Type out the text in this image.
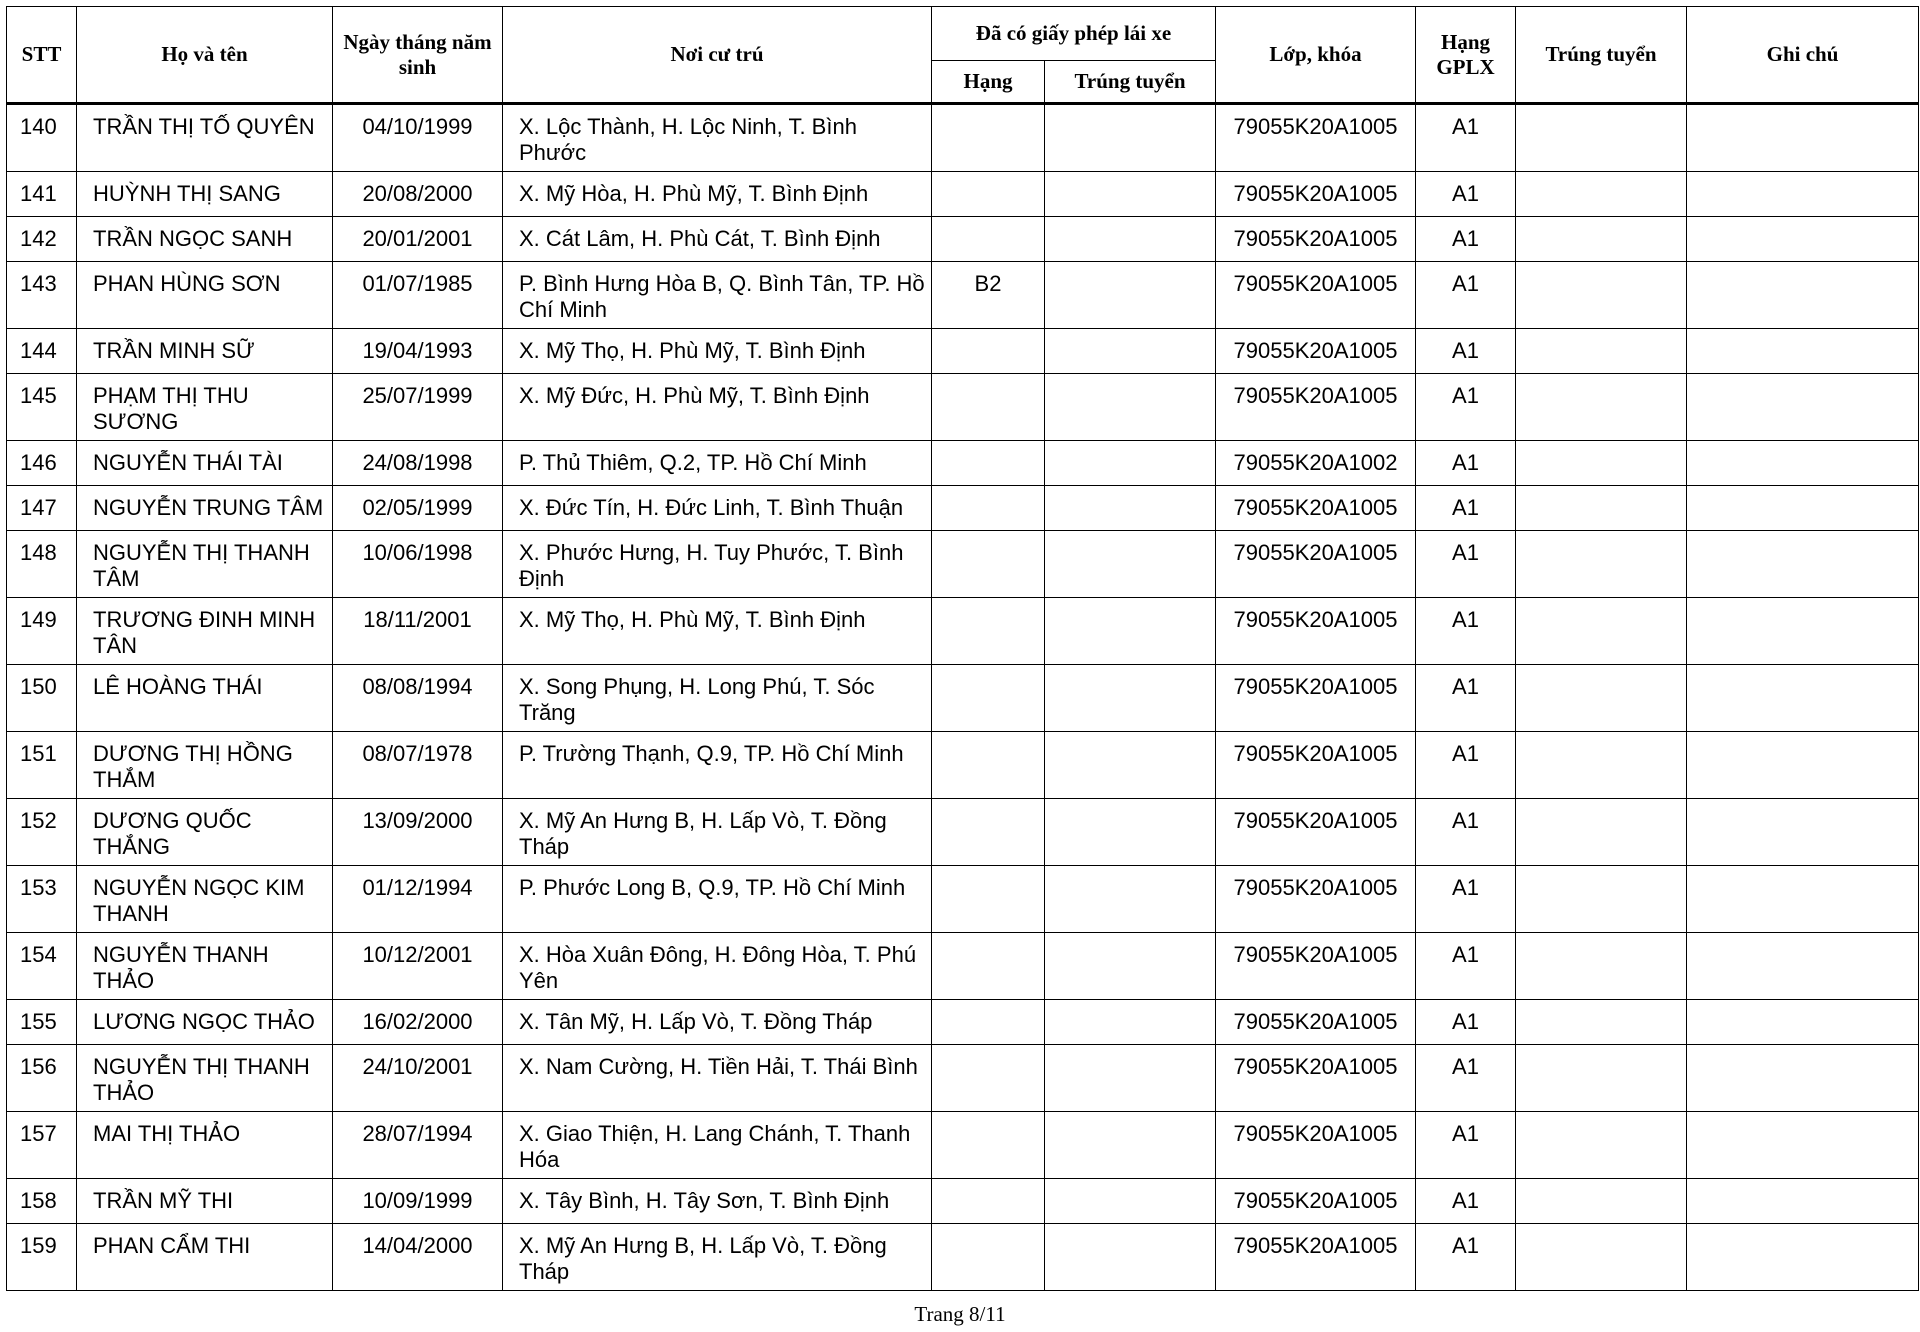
STT	Họ và tên	Ngày tháng năm sinh	Nơi cư trú	Đã có giấy phép lái xe		Lớp, khóa	Hạng GPLX	Trúng tuyển	Ghi chú
				Hạng	Trúng tuyển				
140	TRẦN THỊ TỐ QUYÊN	04/10/1999	X. Lộc Thành, H. Lộc Ninh, T. Bình Phước			79055K20A1005	A1		
141	HUỲNH THỊ SANG	20/08/2000	X. Mỹ Hòa, H. Phù Mỹ, T. Bình Định			79055K20A1005	A1		
142	TRẦN NGỌC SANH	20/01/2001	X. Cát Lâm, H. Phù Cát, T. Bình Định			79055K20A1005	A1		
143	PHAN HÙNG SƠN	01/07/1985	P. Bình Hưng Hòa B, Q. Bình Tân, TP. Hồ Chí Minh	B2		79055K20A1005	A1		
144	TRẦN MINH SỮ	19/04/1993	X. Mỹ Thọ, H. Phù Mỹ, T. Bình Định			79055K20A1005	A1		
145	PHẠM THỊ THU SƯƠNG	25/07/1999	X. Mỹ Đức, H. Phù Mỹ, T. Bình Định			79055K20A1005	A1		
146	NGUYỄN THÁI TÀI	24/08/1998	P. Thủ Thiêm, Q.2, TP. Hồ Chí Minh			79055K20A1002	A1		
147	NGUYỄN TRUNG TÂM	02/05/1999	X. Đức Tín, H. Đức Linh, T. Bình Thuận			79055K20A1005	A1		
148	NGUYỄN THỊ THANH TÂM	10/06/1998	X. Phước Hưng, H. Tuy Phước, T. Bình Định			79055K20A1005	A1		
149	TRƯƠNG ĐINH MINH TÂN	18/11/2001	X. Mỹ Thọ, H. Phù Mỹ, T. Bình Định			79055K20A1005	A1		
150	LÊ HOÀNG THÁI	08/08/1994	X. Song Phụng, H. Long Phú, T. Sóc Trăng			79055K20A1005	A1		
151	DƯƠNG THỊ HỒNG THẮM	08/07/1978	P. Trường Thạnh, Q.9, TP. Hồ Chí Minh			79055K20A1005	A1		
152	DƯƠNG QUỐC THẮNG	13/09/2000	X. Mỹ An Hưng B, H. Lấp Vò, T. Đồng Tháp			79055K20A1005	A1		
153	NGUYỄN NGỌC KIM THANH	01/12/1994	P. Phước Long B, Q.9, TP. Hồ Chí Minh			79055K20A1005	A1		
154	NGUYỄN THANH THẢO	10/12/2001	X. Hòa Xuân Đông, H. Đông Hòa, T. Phú Yên			79055K20A1005	A1		
155	LƯƠNG NGỌC THẢO	16/02/2000	X. Tân Mỹ, H. Lấp Vò, T. Đồng Tháp			79055K20A1005	A1		
156	NGUYỄN THỊ THANH THẢO	24/10/2001	X. Nam Cường, H. Tiền Hải, T. Thái Bình			79055K20A1005	A1		
157	MAI THỊ THẢO	28/07/1994	X. Giao Thiện, H. Lang Chánh, T. Thanh Hóa			79055K20A1005	A1		
158	TRẦN MỸ THI	10/09/1999	X. Tây Bình, H. Tây Sơn, T. Bình Định			79055K20A1005	A1		
159	PHAN CẨM THI	14/04/2000	X. Mỹ An Hưng B, H. Lấp Vò, T. Đồng Tháp			79055K20A1005	A1		
Trang 8/11
